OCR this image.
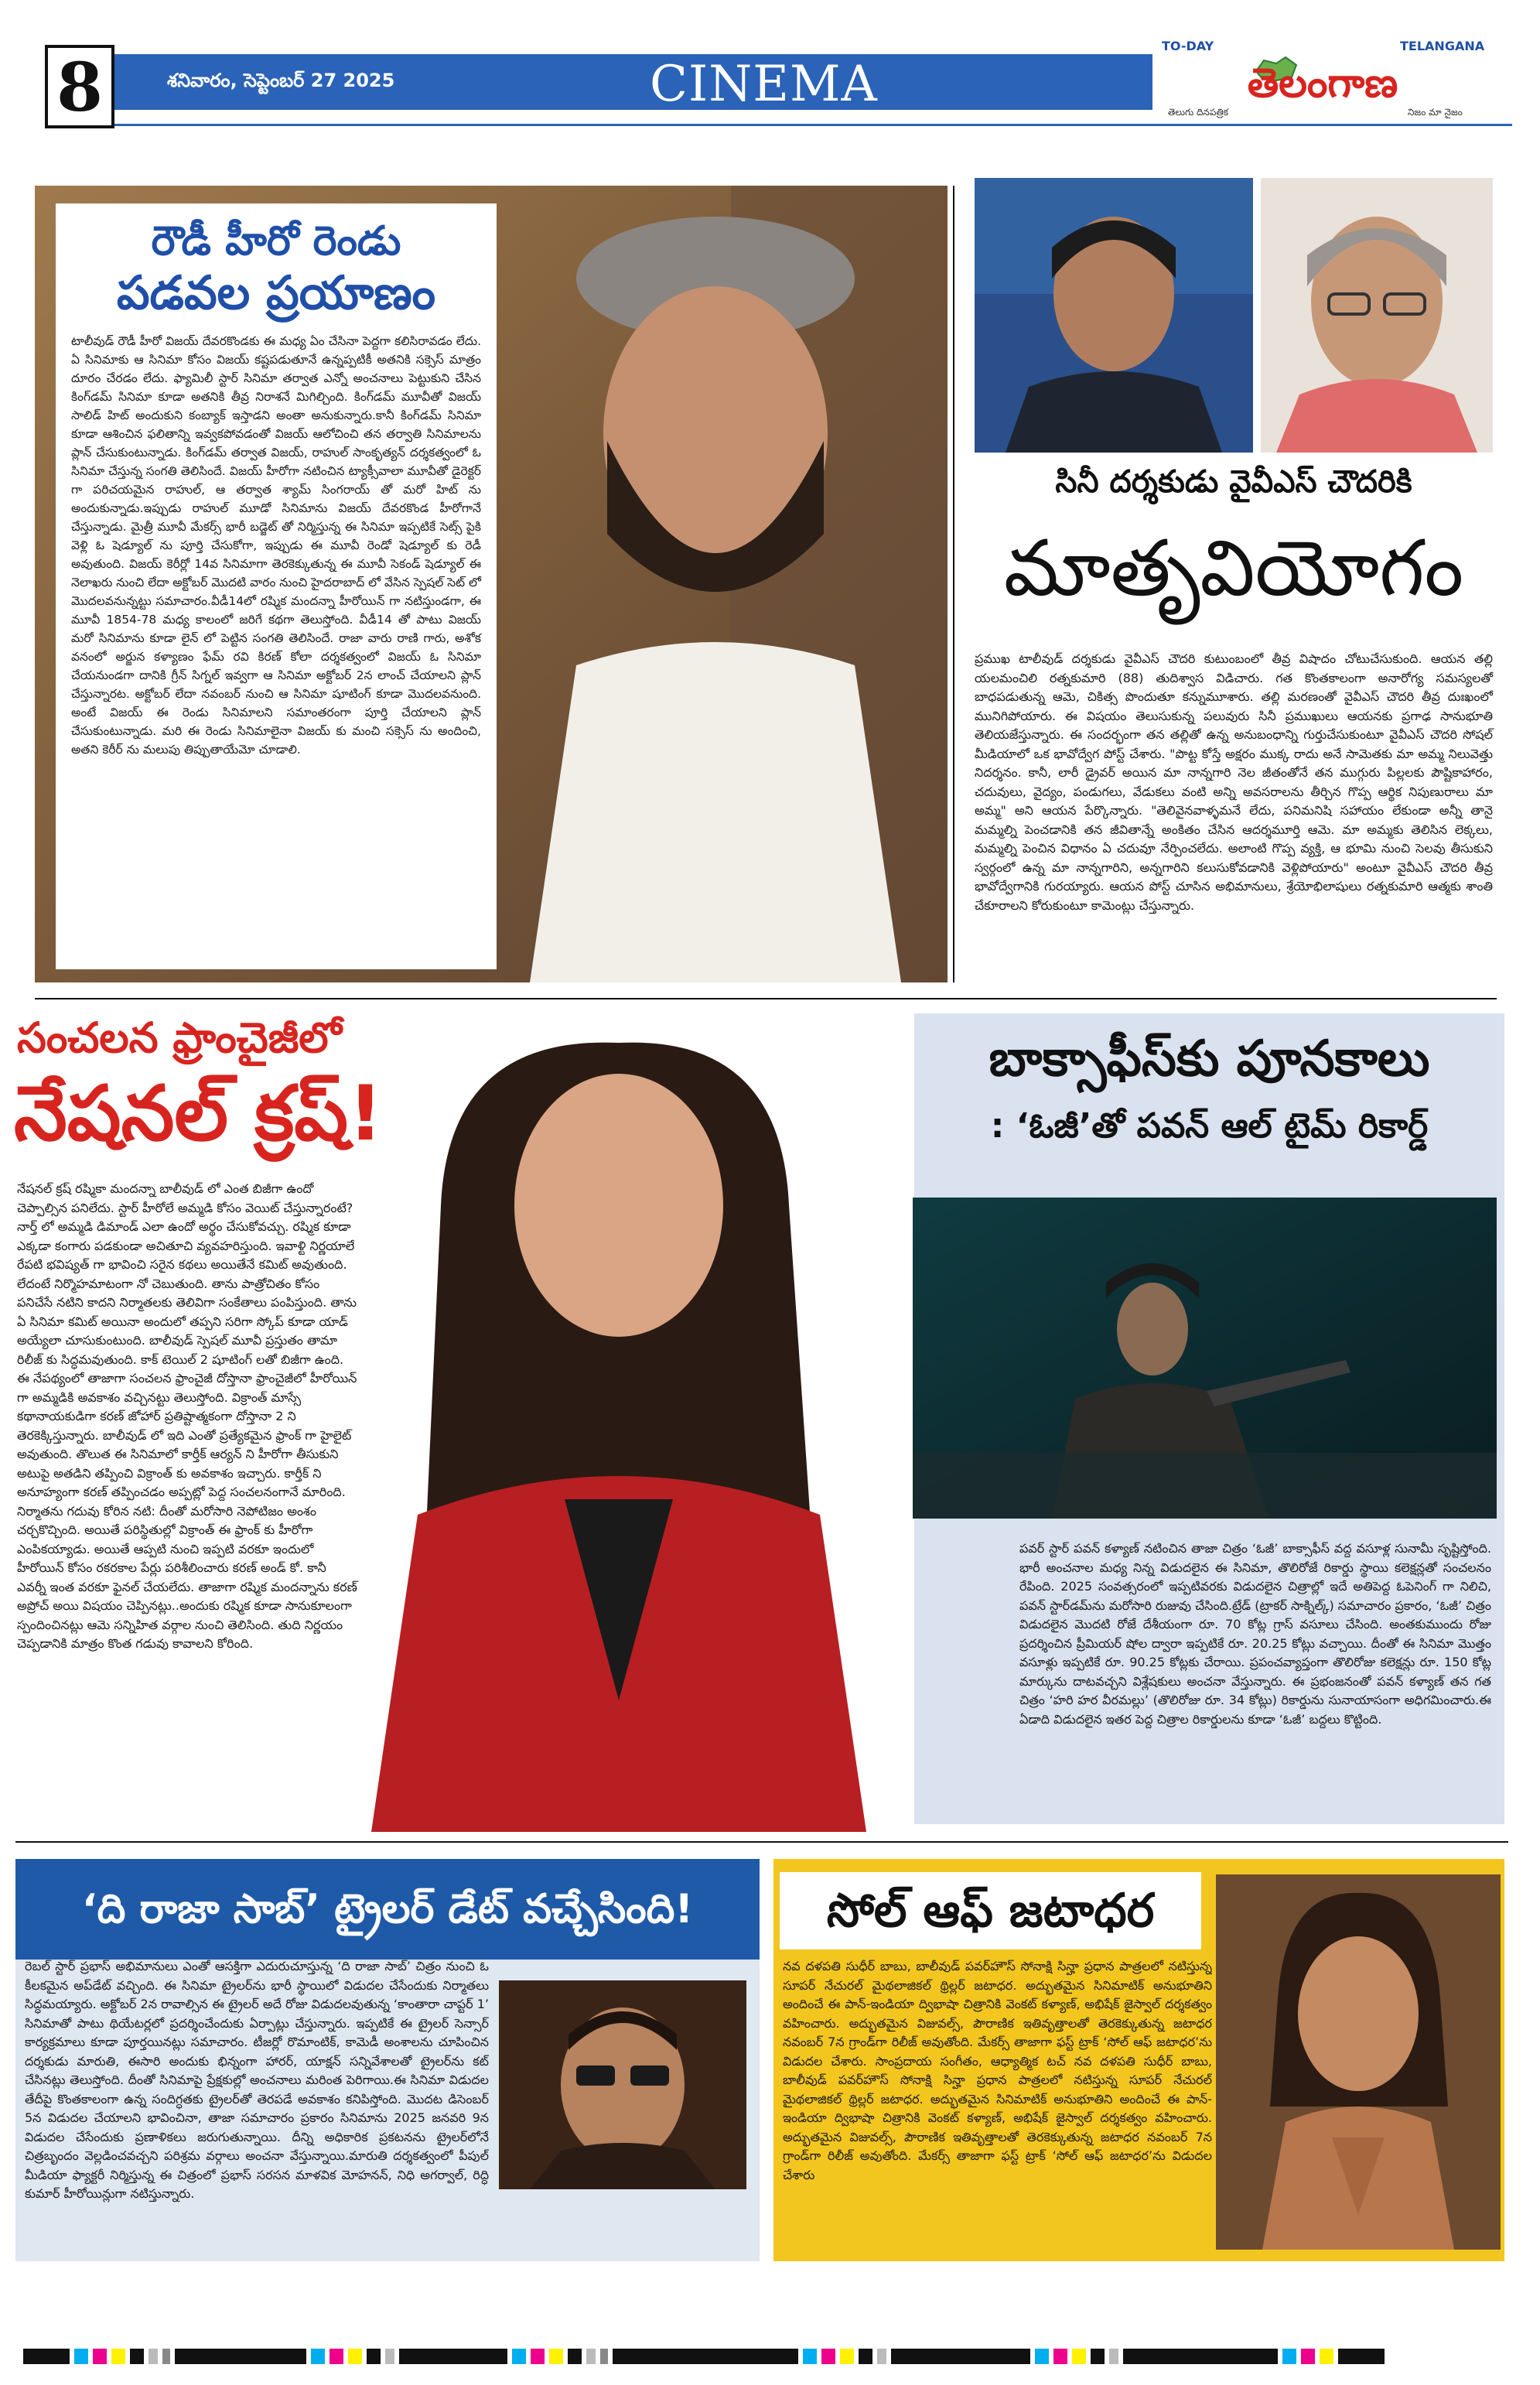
8	శనివారం, సెప్టెంబర్ 27 2025	CINEMA
TO-DAY	TELANGANA
తెలంగాణ
తెలుగు దినపత్రిక	నిజం మా నైజం
రౌడీ హీరో రెండు
పడవల ప్రయాణం

టాలీవుడ్ రౌడీ హీరో విజయ్ దేవరకొండకు ఈ మధ్య ఏం చేసినా పెద్దగా కలిసిరావడం లేదు. ఏ సినిమాకు ఆ సినిమా కోసం విజయ్ కష్టపడుతూనే ఉన్నప్పటికీ అతనికి సక్సెస్ మాత్రం దూరం చేరడం లేదు. ఫ్యామిలీ స్టార్ సినిమా తర్వాత ఎన్నో అంచనాలు పెట్టుకుని చేసిన కింగ్‌డమ్ సినిమా కూడా అతనికి తీవ్ర నిరాశనే మిగిల్చింది. కింగ్‌డమ్ మూవీతో విజయ్ సాలిడ్ హిట్ అందుకుని కంబ్యాక్ ఇస్తాడని అంతా అనుకున్నారు.కానీ కింగ్‌డమ్ సినిమా కూడా ఆశించిన ఫలితాన్ని ఇవ్వకపోవడంతో విజయ్ ఆలోచించి తన తర్వాతి సినిమాలను ప్లాన్ చేసుకుంటున్నాడు. కింగ్‌డమ్ తర్వాత విజయ్, రాహుల్ సాంకృత్యన్ దర్శకత్వంలో ఓ సినిమా చేస్తున్న సంగతి తెలిసిందే. విజయ్ హీరోగా నటించిన ట్యాక్సీవాలా మూవీతో డైరెక్టర్ గా పరిచయమైన రాహుల్, ఆ తర్వాత శ్యామ్ సింగరాయ్ తో మరో హిట్ ను అందుకున్నాడు.ఇప్పుడు రాహుల్ మూడో సినిమాను విజయ్ దేవరకొండ హీరోగానే చేస్తున్నాడు. మైత్రీ మూవీ మేకర్స్ భారీ బడ్జెట్ తో నిర్మిస్తున్న ఈ సినిమా ఇప్పటికే సెట్స్ పైకి వెళ్లి ఓ షెడ్యూల్ ను పూర్తి చేసుకోగా, ఇప్పుడు ఈ మూవీ రెండో షెడ్యూల్ కు రెడీ అవుతుంది. విజయ్ కెరీర్లో 14వ సినిమాగా తెరకెక్కుతున్న ఈ మూవీ సెకండ్ షెడ్యూల్ ఈ నెలాఖరు నుంచి లేదా అక్టోబర్ మొదటి వారం నుంచి హైదరాబాద్ లో వేసిన స్పెషల్ సెట్ లో మొదలవనున్నట్టు సమాచారం.వీడీ14లో రష్మిక మందన్నా హీరోయిన్ గా నటిస్తుండగా, ఈ మూవీ 1854-78 మధ్య కాలంలో జరిగే కథగా తెలుస్తోంది. వీడీ14 తో పాటు విజయ్ మరో సినిమాను కూడా లైన్ లో పెట్టిన సంగతి తెలిసిందే. రాజా వారు రాణి గారు, అశోక వనంలో అర్జున కళ్యాణం ఫేమ్ రవి కిరణ్ కోలా దర్శకత్వంలో విజయ్ ఓ సినిమా చేయనుండగా దానికి గ్రీన్ సిగ్నల్ ఇవ్వగా ఆ సినిమా అక్టోబర్ 2న లాంచ్ చేయాలని ప్లాన్ చేస్తున్నారట. అక్టోబర్ లేదా నవంబర్ నుంచి ఆ సినిమా షూటింగ్ కూడా మొదలవనుంది. అంటే విజయ్ ఈ రెండు సినిమాలని సమాంతరంగా పూర్తి చేయాలని ప్లాన్ చేసుకుంటున్నాడు. మరి ఈ రెండు సినిమాలైనా విజయ్ కు మంచి సక్సెస్ ను అందించి, అతని కెరీర్ ను మలుపు తిప్పుతాయేమో చూడాలి.

సినీ దర్శకుడు వైవీఎస్ చౌదరికి
మాతృవియోగం

ప్రముఖ టాలీవుడ్ దర్శకుడు వైవీఎస్ చౌదరి కుటుంబంలో తీవ్ర విషాదం చోటుచేసుకుంది. ఆయన తల్లి యలమంచిలి రత్నకుమారి (88) తుదిశ్వాస విడిచారు. గత కొంతకాలంగా అనారోగ్య సమస్యలతో బాధపడుతున్న ఆమె, చికిత్స పొందుతూ కన్నుమూశారు. తల్లి మరణంతో వైవీఎస్ చౌదరి తీవ్ర దుఃఖంలో మునిగిపోయారు. ఈ విషయం తెలుసుకున్న పలువురు సినీ ప్రముఖులు ఆయనకు ప్రగాఢ సానుభూతి తెలియజేస్తున్నారు. ఈ సందర్భంగా తన తల్లితో ఉన్న అనుబంధాన్ని గుర్తుచేసుకుంటూ వైవీఎస్ చౌదరి సోషల్ మీడియాలో ఒక భావోద్వేగ పోస్ట్ చేశారు. "పొట్ట కోస్తే అక్షరం ముక్క రాదు అనే సామెతకు మా అమ్మ నిలువెత్తు నిదర్శనం. కానీ, లారీ డ్రైవర్ అయిన మా నాన్నగారి నెల జీతంతోనే తన ముగ్గురు పిల్లలకు పౌష్టికాహారం, చదువులు, వైద్యం, పండుగలు, వేడుకలు వంటి అన్ని అవసరాలను తీర్చిన గొప్ప ఆర్థిక నిపుణురాలు మా అమ్మ" అని ఆయన పేర్కొన్నారు. "తెలివైనవాళ్ళమనే లేదు, పనిమనిషి సహాయం లేకుండా అన్నీ తానై మమ్మల్ని పెంచడానికి తన జీవితాన్నే అంకితం చేసిన ఆదర్శమూర్తి ఆమె. మా అమ్మకు తెలిసిన లెక్కలు, మమ్మల్ని పెంచిన విధానం ఏ చదువూ నేర్పించలేదు. అలాంటి గొప్ప వ్యక్తి, ఆ భూమి నుంచి సెలవు తీసుకుని స్వర్గంలో ఉన్న మా నాన్నగారిని, అన్నగారిని కలుసుకోవడానికి వెళ్లిపోయారు" అంటూ వైవీఎస్ చౌదరి తీవ్ర భావోద్వేగానికి గురయ్యారు. ఆయన పోస్ట్ చూసిన అభిమానులు, శ్రేయోభిలాషులు రత్నకుమారి ఆత్మకు శాంతి చేకూరాలని కోరుకుంటూ కామెంట్లు చేస్తున్నారు.

సంచలన ఫ్రాంచైజీలో
నేషనల్ క్రష్!

నేషనల్ క్రష్ రష్మికా మందన్నా బాలీవుడ్ లో ఎంత బిజీగా ఉందో చెప్పాల్సిన పనిలేదు. స్టార్ హీరోలే అమ్మడి కోసం వెయిట్ చేస్తున్నారంటే? నార్త్ లో అమ్మడి డిమాండ్ ఎలా ఉందో అర్థం చేసుకోవచ్చు. రష్మిక కూడా ఎక్కడా కంగారు పడకుండా అచితూచి వ్యవహరిస్తుంది. ఇవాళ్టి నిర్ణయాలే రేపటి భవిష్యత్ గా భావించి సరైన కథలు అయితేనే కమిట్ అవుతుంది. లేదంటే నిర్మొహమాటంగా నో చెబుతుంది. తాను పాత్రోచితం కోసం పనిచేసే నటిని కాదని నిర్మాతలకు తెలివిగా సంకేతాలు పంపిస్తుంది. తాను ఏ సినిమా కమిట్ అయినా అందులో తప్పని సరిగా స్కోప్ కూడా యాడ్ అయ్యేలా చూసుకుంటుంది. బాలీవుడ్ స్పెషల్ మూవీ ప్రస్తుతం తామా రిలీజ్ కు సిద్ధమవుతుంది. కాక్ టెయిల్ 2 షూటింగ్ లతో బిజీగా ఉంది. ఈ నేపథ్యంలో తాజాగా సంచలన ఫ్రాంచైజీ దోస్తానా ఫ్రాంచైజీలో హీరోయిన్ గా అమ్మడికి అవకాశం వచ్చినట్టు తెలుస్తోంది. విక్రాంత్ మాస్సే కథానాయకుడిగా కరణ్ జోహార్ ప్రతిష్టాత్మకంగా దోస్తానా 2 ని తెరకెక్కిస్తున్నారు. బాలీవుడ్ లో ఇది ఎంతో ప్రత్యేకమైన ఫ్రాంక్ గా హైలైట్ అవుతుంది. తొలుత ఈ సినిమాలో కార్తీక్ ఆర్యన్ ని హీరోగా తీసుకుని అటుపై అతడిని తప్పించి విక్రాంత్ కు అవకాశం ఇచ్చారు. కార్తీక్ ని అనూహ్యంగా కరణ్ తప్పించడం అప్పట్లో పెద్ద సంచలనంగానే మారింది. నిర్మాతను గదువు కోరిన నటి: దీంతో మరోసారి నెపోటిజం అంశం చర్చకొచ్చింది. అయితే పరిస్థితుల్లో విక్రాంత్ ఈ ఫ్రాంక్ కు హీరోగా ఎంపికయ్యాడు. అయితే ఆప్పటి నుంచి ఇప్పటి వరకూ ఇందులో హీరోయిన్ కోసం రకరకాల పేర్లు పరిశీలించారు కరణ్ అండ్ కో. కానీ ఎవర్నీ ఇంత వరకూ ఫైనల్ చేయలేదు. తాజాగా రష్మిక మందన్నాను కరణ్ అప్రోచ్ అయి విషయం చెప్పినట్లు..అందుకు రష్మిక కూడా సానుకూలంగా స్పందించినట్లు ఆమె సన్నిహిత వర్గాల నుంచి తెలిసింది. తుది నిర్ణయం చెప్పడానికి మాత్రం కొంత గడువు కావాలని కోరింది.

బాక్సాఫీస్‌కు పూనకాలు
: ‘ఓజీ’తో పవన్ ఆల్ టైమ్ రికార్డ్

పవర్ స్టార్ పవన్ కళ్యాణ్ నటించిన తాజా చిత్రం ‘ఓజీ’ బాక్సాఫీస్ వద్ద వసూళ్ల సునామీ సృష్టిస్తోంది. భారీ అంచనాల మధ్య నిన్న విడుదలైన ఈ సినిమా, తొలిరోజే రికార్డు స్థాయి కలెక్షన్లతో సంచలనం రేపింది. 2025 సంవత్సరంలో ఇప్పటివరకు విడుదలైన చిత్రాల్లో ఇదే అతిపెద్ద ఓపెనింగ్ గా నిలిచి, పవన్ స్టార్‌డమ్‌ను మరోసారి రుజువు చేసింది.ట్రేడ్ (ట్రాకర్ సాక్నిల్క్) సమాచారం ప్రకారం, ‘ఓజీ’ చిత్రం విడుదలైన మొదటి రోజే దేశీయంగా రూ. 70 కోట్ల గ్రాస్ వసూలు చేసింది. అంతకుముందు రోజు ప్రదర్శించిన ప్రీమియర్ షోల ద్వారా ఇప్పటికే రూ. 20.25 కోట్లు వచ్చాయి. దీంతో ఈ సినిమా మొత్తం వసూళ్లు ఇప్పటికే రూ. 90.25 కోట్లకు చేరాయి. ప్రపంచవ్యాప్తంగా తొలిరోజు కలెక్షన్లు రూ. 150 కోట్ల మార్కును దాటవచ్చని విశ్లేషకులు అంచనా వేస్తున్నారు. ఈ ప్రభంజనంతో పవన్ కళ్యాణ్ తన గత చిత్రం ‘హరి హర వీరమల్లు’ (తొలిరోజు రూ. 34 కోట్లు) రికార్డును సునాయాసంగా అధిగమించారు.ఈ ఏడాది విడుదలైన ఇతర పెద్ద చిత్రాల రికార్డులను కూడా ‘ఓజీ’ బద్దలు కొట్టింది.

‘ది రాజా సాబ్’ ట్రైలర్ డేట్ వచ్చేసింది!

రెబల్ స్టార్ ప్రభాస్ అభిమానులు ఎంతో ఆసక్తిగా ఎదురుచూస్తున్న ‘ది రాజా సాబ్’ చిత్రం నుంచి ఓ కీలకమైన అప్‌డేట్ వచ్చింది. ఈ సినిమా ట్రైలర్‌ను భారీ స్థాయిలో విడుదల చేసేందుకు నిర్మాతలు సిద్ధమయ్యారు. అక్టోబర్ 2న రావాల్సిన ఈ ట్రైలర్ అదే రోజు విడుదలవుతున్న ‘కాంతారా చాప్టర్ 1’ సినిమాతో పాటు థియేటర్లలో ప్రదర్శించేందుకు ఏర్పాట్లు చేస్తున్నారు. ఇప్పటికే ఈ ట్రైలర్ సెన్సార్ కార్యక్రమాలు కూడా పూర్తయినట్లు సమాచారం. టీజర్లో రొమాంటిక్, కామెడీ అంశాలను చూపించిన దర్శకుడు మారుతి, ఈసారి అందుకు భిన్నంగా హారర్, యాక్షన్ సన్నివేశాలతో ట్రైలర్‌ను కట్ చేసినట్లు తెలుస్తోంది. దీంతో సినిమాపై ప్రేక్షకుల్లో అంచనాలు మరింత పెరిగాయి.ఈ సినిమా విడుదల తేదీపై కొంతకాలంగా ఉన్న సందిగ్ధతకు ట్రైలర్‌తో తెరపడే అవకాశం కనిపిస్తోంది. మొదట డిసెంబర్ 5న విడుదల చేయాలని భావించినా, తాజా సమాచారం ప్రకారం సినిమాను 2025 జనవరి 9న విడుదల చేసేందుకు ప్రణాళికలు జరుగుతున్నాయి. దీన్ని అధికారిక ప్రకటనను ట్రైలర్‌లోనే చిత్రబృందం వెల్లడించవచ్చని పరిశ్రమ వర్గాలు అంచనా వేస్తున్నాయి.మారుతి దర్శకత్వంలో పీపుల్ మీడియా ఫ్యాక్టరీ నిర్మిస్తున్న ఈ చిత్రంలో ప్రభాస్ సరసన మాళవిక మోహనన్, నిధి అగర్వాల్, రిద్ధి కుమార్ హీరోయిన్లుగా నటిస్తున్నారు.

సోల్ ఆఫ్ జటాధర

నవ దళపతి సుధీర్ బాబు, బాలీవుడ్ పవర్‌హౌస్ సోనాక్షి సిన్హా ప్రధాన పాత్రలలో నటిస్తున్న సూపర్ నేచురల్ మైథలాజికల్ థ్రిల్లర్ జటాధర. అద్భుతమైన సినిమాటిక్ అనుభూతిని అందించే ఈ పాన్-ఇండియా ద్విభాషా చిత్రానికి వెంకట్ కళ్యాణ్, అభిషేక్ జైస్వాల్ దర్శకత్వం వహించారు. అద్భుతమైన విజువల్స్, పౌరాణిక ఇతివృత్తాలతో తెరకెక్కుతున్న జటాధర నవంబర్ 7న గ్రాండ్‌గా రిలీజ్ అవుతోంది. మేకర్స్ తాజాగా ఫస్ట్ ట్రాక్ ‘సోల్ ఆఫ్ జటాధర’ను విడుదల చేశారు. సాంప్రదాయ సంగీతం, ఆధ్యాత్మిక టచ్ నవ దళపతి సుధీర్ బాబు, బాలీవుడ్ పవర్‌హౌస్ సోనాక్షి సిన్హా ప్రధాన పాత్రలలో నటిస్తున్న సూపర్ నేచురల్ మైథలాజికల్ థ్రిల్లర్ జటాధర. అద్భుతమైన సినిమాటిక్ అనుభూతిని అందించే ఈ పాన్-ఇండియా ద్విభాషా చిత్రానికి వెంకట్ కళ్యాణ్, అభిషేక్ జైస్వాల్ దర్శకత్వం వహించారు. అద్భుతమైన విజువల్స్, పౌరాణిక ఇతివృత్తాలతో తెరకెక్కుతున్న జటాధర నవంబర్ 7న గ్రాండ్‌గా రిలీజ్ అవుతోంది. మేకర్స్ తాజాగా ఫస్ట్ ట్రాక్ ‘సోల్ ఆఫ్ జటాధర’ను విడుదల చేశారు
